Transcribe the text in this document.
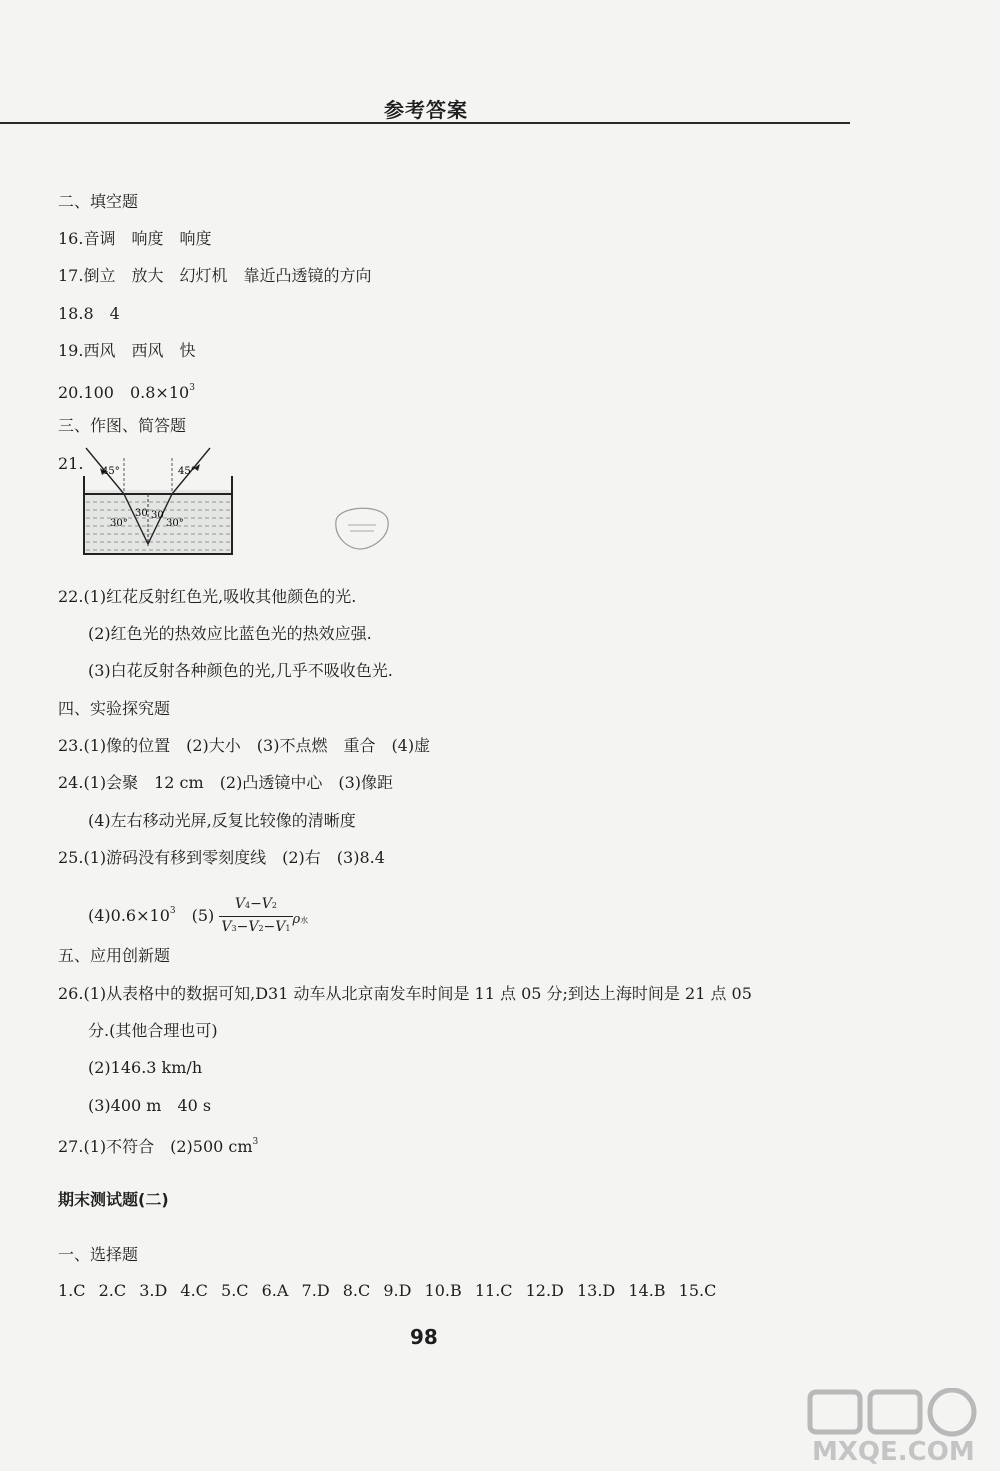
参考答案
二、填空题
16.音调　响度　响度
17.倒立　放大　幻灯机　靠近凸透镜的方向
18.8　4
19.西风　西风　快
20.100　$0.8\times 10^3$
三、作图、简答题
21. 45°	45°
30°
30 30
30°
22.(1)红花反射红色光,吸收其他颜色的光.
(2)红色光的热效应比蓝色光的热效应强.
(3)白花反射各种颜色的光,几乎不吸收色光.
四、实验探究题
23.(1)像的位置　(2)大小　(3)不点燃　重合　(4)虚
24.(1)会聚　12 cm　(2)凸透镜中心　(3)像距
(4)左右移动光屏,反复比较像的清晰度
25.(1)游码没有移到零刻度线　(2)右　(3)8.4
$(4)0.6\times 10^3$　$(5) \frac{V4-V2}{V3-V2-V1}$ ρ水
五、应用创新题
26.(1)从表格中的数据可知,D31 动车从北京南发车时间是 11 点 05 分;到达上海时间是 21 点 05
分.(其他合理也可)
(2)146.3 km/h
(3)400 m　40 s
27.(1)不符合　(2)500 $cm^3$
期末测试题(二)
一、选择题
1.C  2.C  3.D  4.C  5.C  6.A  7.D  8.C  9.D  10.B  11.C  12.D  13.D  14.B  15.C
98
MXQE.COM
